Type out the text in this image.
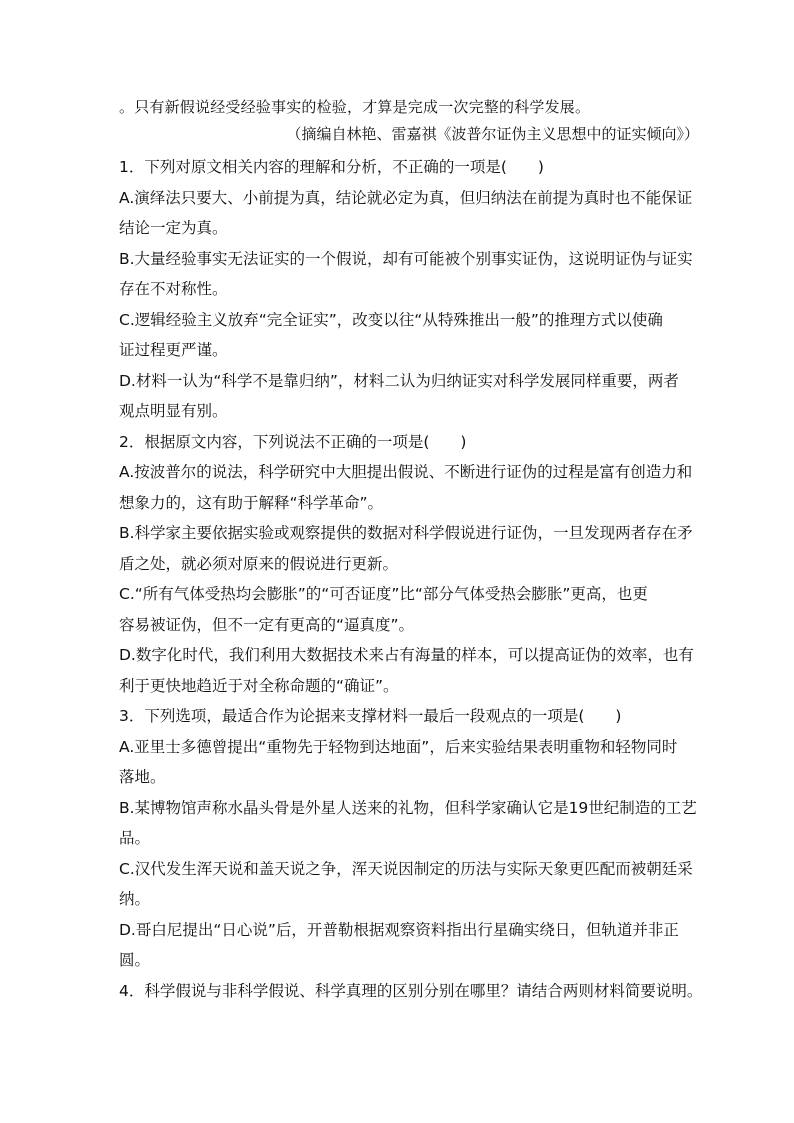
。只有新假说经受经验事实的检验，才算是完成一次完整的科学发展。
（摘编自林艳、雷嘉祺《波普尔证伪主义思想中的证实倾向》）
1．下列对原文相关内容的理解和分析，不正确的一项是(　　)
A.演绎法只要大、小前提为真，结论就必定为真，但归纳法在前提为真时也不能保证
结论一定为真。
B.大量经验事实无法证实的一个假说，却有可能被个别事实证伪，这说明证伪与证实
存在不对称性。
C.逻辑经验主义放弃“完全证实”，改变以往“从特殊推出一般”的推理方式以使确
证过程更严谨。
D.材料一认为“科学不是靠归纳”，材料二认为归纳证实对科学发展同样重要，两者
观点明显有别。
2．根据原文内容，下列说法不正确的一项是(　　)
A.按波普尔的说法，科学研究中大胆提出假说、不断进行证伪的过程是富有创造力和
想象力的，这有助于解释“科学革命”。
B.科学家主要依据实验或观察提供的数据对科学假说进行证伪，一旦发现两者存在矛
盾之处，就必须对原来的假说进行更新。
C.“所有气体受热均会膨胀”的“可否证度”比“部分气体受热会膨胀”更高，也更
容易被证伪，但不一定有更高的“逼真度”。
D.数字化时代，我们利用大数据技术来占有海量的样本，可以提高证伪的效率，也有
利于更快地趋近于对全称命题的“确证”。
3．下列选项，最适合作为论据来支撑材料一最后一段观点的一项是(　　)
A.亚里士多德曾提出“重物先于轻物到达地面”，后来实验结果表明重物和轻物同时
落地。
B.某博物馆声称水晶头骨是外星人送来的礼物，但科学家确认它是19世纪制造的工艺
品。
C.汉代发生浑天说和盖天说之争，浑天说因制定的历法与实际天象更匹配而被朝廷采
纳。
D.哥白尼提出“日心说”后，开普勒根据观察资料指出行星确实绕日，但轨道并非正
圆。
4．科学假说与非科学假说、科学真理的区别分别在哪里？请结合两则材料简要说明。
